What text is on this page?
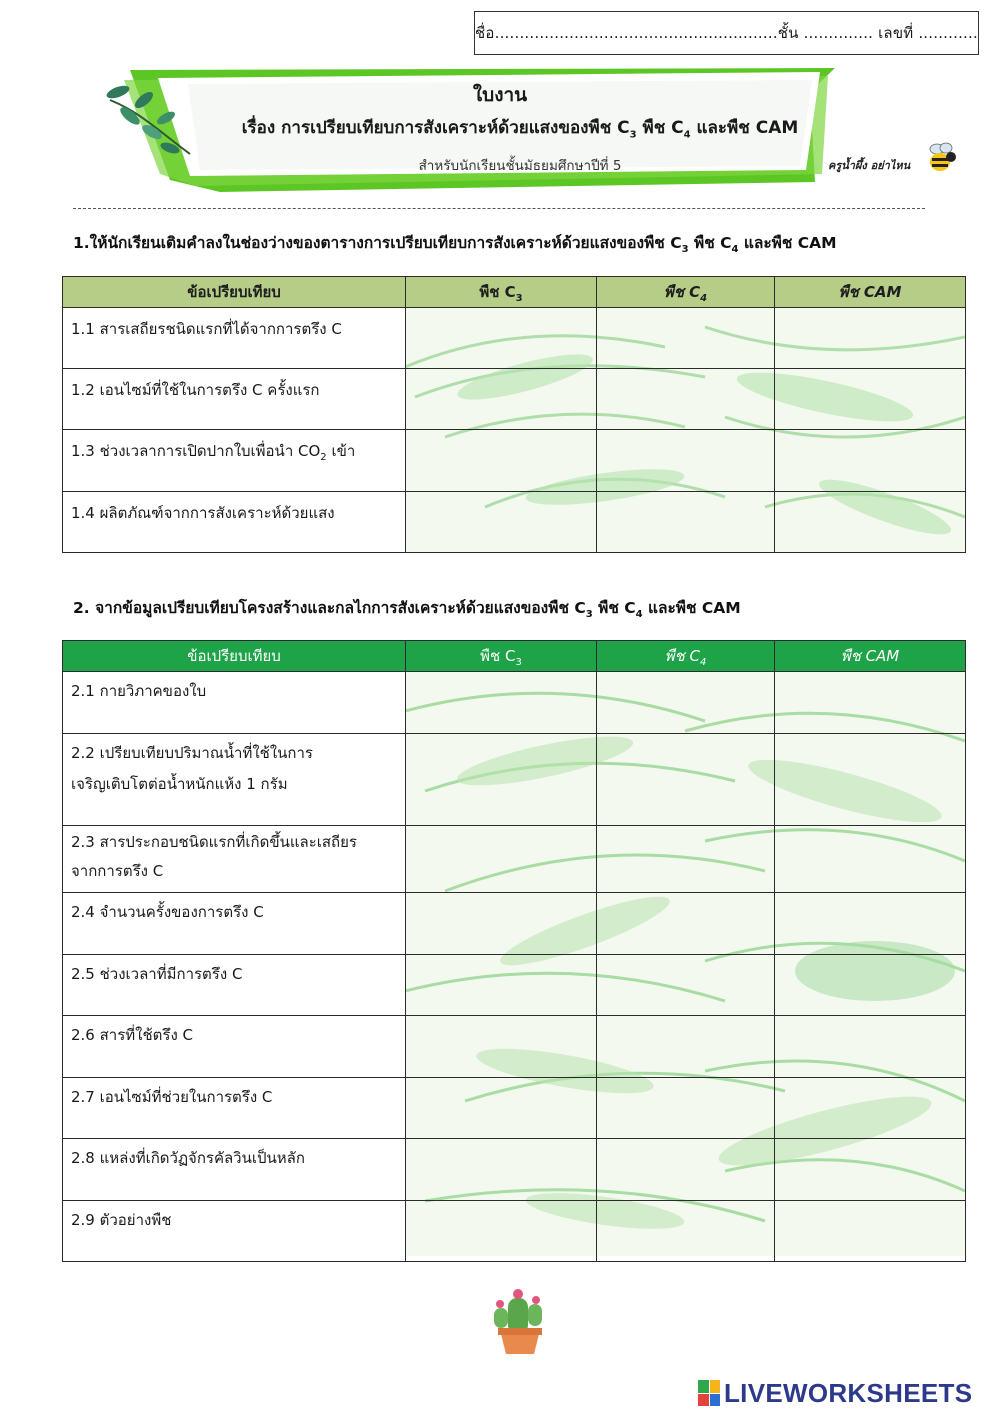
ชื่อ.........................................................ชั้น .............. เลขที่ ............
ใบงาน
เรื่อง การเปรียบเทียบการสังเคราะห์ด้วยแสงของพืช $C_3$ พืช $C_4$ และพืช CAM
สำหรับนักเรียนชั้นมัธยมศึกษาปีที่ 5	ครูน้ำผึ้ง อย่าไหน
1.ให้นักเรียนเติมคำลงในช่องว่างของตารางการเปรียบเทียบการสังเคราะห์ด้วยแสงของพืช $C_3$ พืช $C_4$ และพืช CAM
ข้อเปรียบเทียบ	พืช $C_3$	พืช $C_4$	พืช CAM
1.1 สารเสถียรชนิดแรกที่ได้จากการตรึง C			
1.2 เอนไซม์ที่ใช้ในการตรึง C ครั้งแรก			
1.3 ช่วงเวลาการเปิดปากใบเพื่อนำ $CO_2$ เข้า			
1.4 ผลิตภัณฑ์จากการสังเคราะห์ด้วยแสง			
2. จากข้อมูลเปรียบเทียบโครงสร้างและกลไกการสังเคราะห์ด้วยแสงของพืช $C_3$ พืช $C_4$ และพืช CAM
ข้อเปรียบเทียบ	พืช $C_3$	พืช $C_4$	พืช CAM

2.1 กายวิภาคของใบ			

2.2 เปรียบเทียบปริมาณน้ำที่ใช้ในการ
เจริญเติบโตต่อน้ำหนักแห้ง 1 กรัม			

2.3 สารประกอบชนิดแรกที่เกิดขึ้นและเสถียร
จากการตรึง C			

2.4 จำนวนครั้งของการตรึง C			

2.5 ช่วงเวลาที่มีการตรึง C			

2.6 สารที่ใช้ตรึง C			

2.7 เอนไซม์ที่ช่วยในการตรึง C			

2.8 แหล่งที่เกิดวัฏจักรคัลวินเป็นหลัก			

2.9 ตัวอย่างพืช			

LIVEWORKSHEETS
